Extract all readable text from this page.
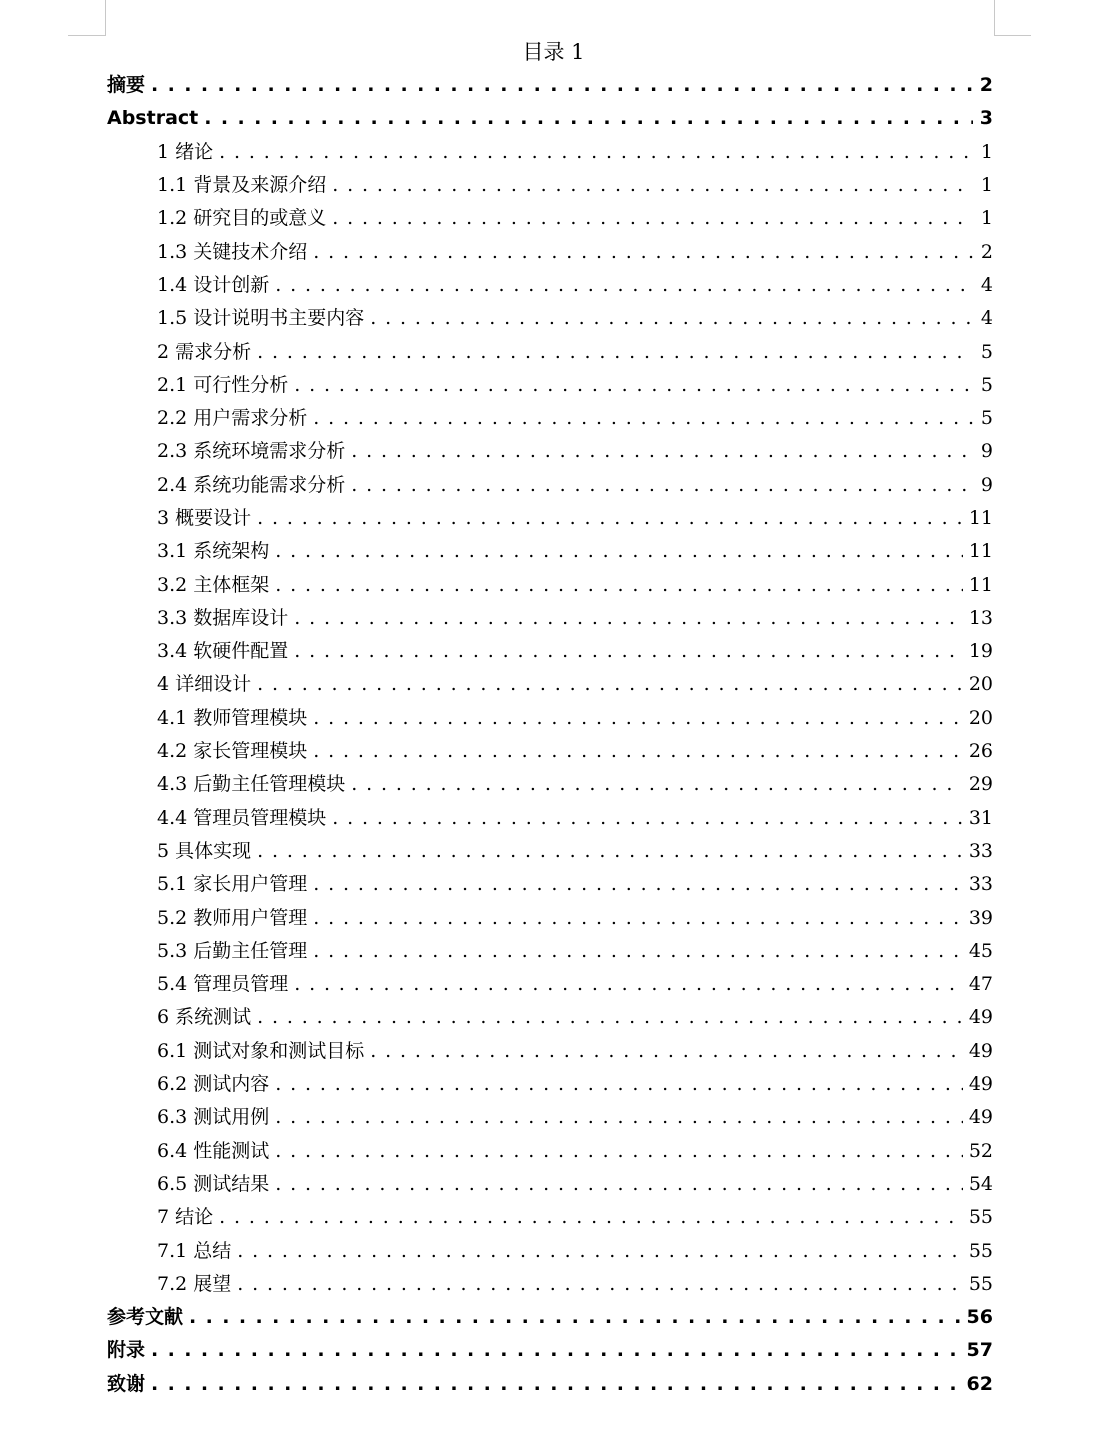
目录 1
摘要 . . .	2
Abstract . . .	3
1 绪论 . . .	1
1.1 背景及来源介绍 . . .	1
1.2 研究目的或意义 . . .	1
1.3 关键技术介绍 . . .	2
1.4 设计创新 . . .	4
1.5 设计说明书主要内容 . . .	4
2 需求分析 . . .	5
2.1 可行性分析 . . .	5
2.2 用户需求分析 . . .	5
2.3 系统环境需求分析 . . .	9
2.4 系统功能需求分析 . . .	9
3 概要设计 . . .	11
3.1 系统架构 . . .	11
3.2 主体框架 . . .	11
3.3 数据库设计 . . .	13
3.4 软硬件配置 . . .	19
4 详细设计 . . .	20
4.1 教师管理模块 . . .	20
4.2 家长管理模块 . . .	26
4.3 后勤主任管理模块 . . .	29
4.4 管理员管理模块 . . .	31
5 具体实现 . . .	33
5.1 家长用户管理 . . .	33
5.2 教师用户管理 . . .	39
5.3 后勤主任管理 . . .	45
5.4 管理员管理 . . .	47
6 系统测试 . . .	49
6.1 测试对象和测试目标 . . .	49
6.2 测试内容 . . .	49
6.3 测试用例 . . .	49
6.4 性能测试 . . .	52
6.5 测试结果 . . .	54
7 结论 . . .	55
7.1 总结 . . .	55
7.2 展望 . . .	55
参考文献 . . .	56
附录 . . .	57
致谢 . . .	62
